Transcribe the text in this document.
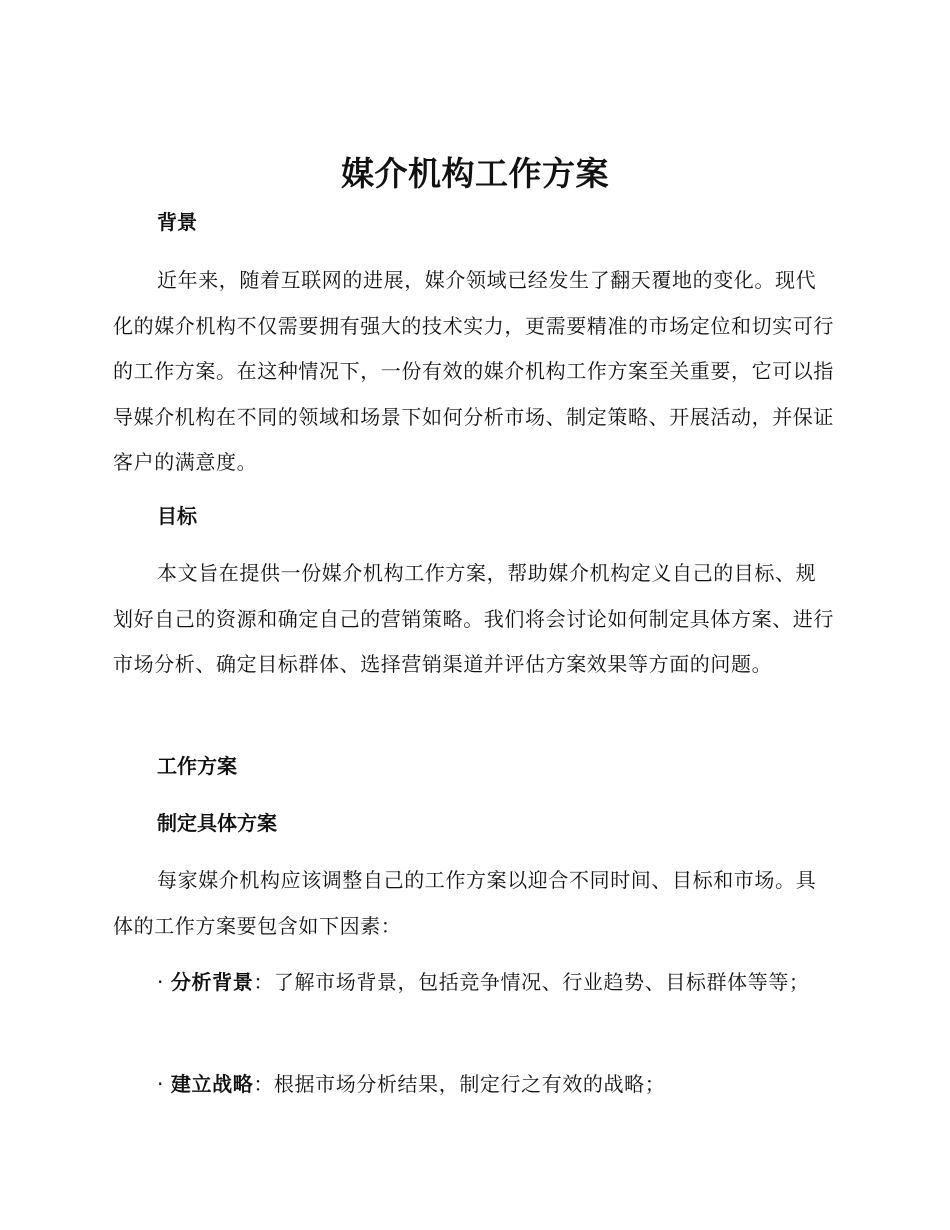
媒介机构工作方案
背景

近年来，随着互联网的进展，媒介领域已经发生了翻天覆地的变化。现代化的媒介机构不仅需要拥有强大的技术实力，更需要精准的市场定位和切实可行的工作方案。在这种情况下，一份有效的媒介机构工作方案至关重要，它可以指导媒介机构在不同的领域和场景下如何分析市场、制定策略、开展活动，并保证客户的满意度。

目标

本文旨在提供一份媒介机构工作方案，帮助媒介机构定义自己的目标、规划好自己的资源和确定自己的营销策略。我们将会讨论如何制定具体方案、进行市场分析、确定目标群体、选择营销渠道并评估方案效果等方面的问题。

工作方案
制定具体方案

每家媒介机构应该调整自己的工作方案以迎合不同时间、目标和市场。具体的工作方案要包含如下因素：

· 分析背景：了解市场背景，包括竞争情况、行业趋势、目标群体等等；

· 建立战略：根据市场分析结果，制定行之有效的战略；
